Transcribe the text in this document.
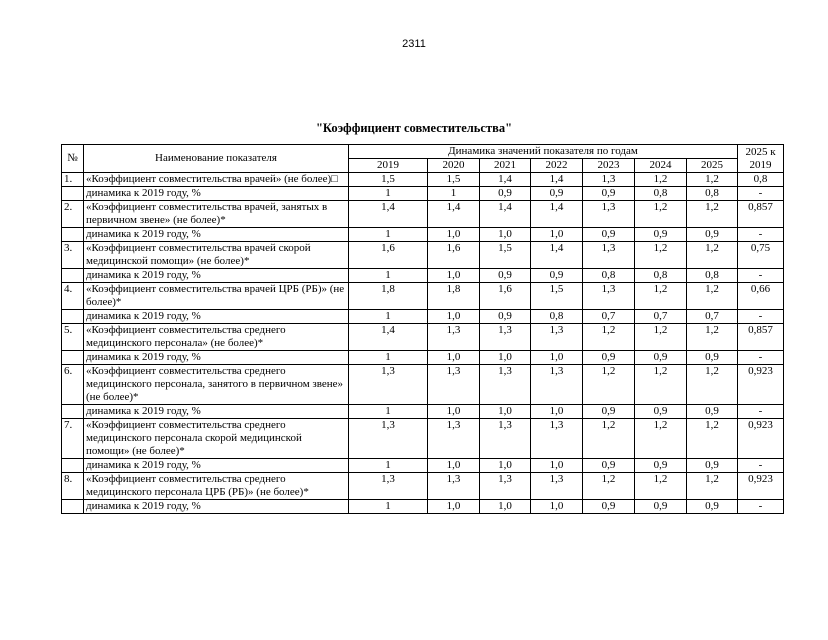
2311
"Коэффициент совместительства"
№	Наименование показателя	Динамика значений показателя по годам							2025 к 2019
		2019	2020	2021	2022	2023	2024	2025	
1.	«Коэффициент совместительства врачей» (не более)□	1,5	1,5	1,4	1,4	1,3	1,2	1,2	0,8
	динамика к 2019 году, %	1	1	0,9	0,9	0,9	0,8	0,8	-
2.	«Коэффициент совместительства врачей, занятых в первичном звене» (не более)*	1,4	1,4	1,4	1,4	1,3	1,2	1,2	0,857
	динамика к 2019 году, %	1	1,0	1,0	1,0	0,9	0,9	0,9	-
3.	«Коэффициент совместительства врачей скорой медицинской помощи» (не более)*	1,6	1,6	1,5	1,4	1,3	1,2	1,2	0,75
	динамика к 2019 году, %	1	1,0	0,9	0,9	0,8	0,8	0,8	-
4.	«Коэффициент совместительства врачей ЦРБ (РБ)» (не более)*	1,8	1,8	1,6	1,5	1,3	1,2	1,2	0,66
	динамика к 2019 году, %	1	1,0	0,9	0,8	0,7	0,7	0,7	-
5.	«Коэффициент совместительства среднего медицинского персонала» (не более)*	1,4	1,3	1,3	1,3	1,2	1,2	1,2	0,857
	динамика к 2019 году, %	1	1,0	1,0	1,0	0,9	0,9	0,9	-
6.	«Коэффициент совместительства среднего медицинского персонала, занятого в первичном звене» (не более)*	1,3	1,3	1,3	1,3	1,2	1,2	1,2	0,923
	динамика к 2019 году, %	1	1,0	1,0	1,0	0,9	0,9	0,9	-
7.	«Коэффициент совместительства среднего медицинского персонала скорой медицинской помощи» (не более)*	1,3	1,3	1,3	1,3	1,2	1,2	1,2	0,923
	динамика к 2019 году, %	1	1,0	1,0	1,0	0,9	0,9	0,9	-
8.	«Коэффициент совместительства среднего медицинского персонала ЦРБ (РБ)» (не более)*	1,3	1,3	1,3	1,3	1,2	1,2	1,2	0,923
	динамика к 2019 году, %	1	1,0	1,0	1,0	0,9	0,9	0,9	-
